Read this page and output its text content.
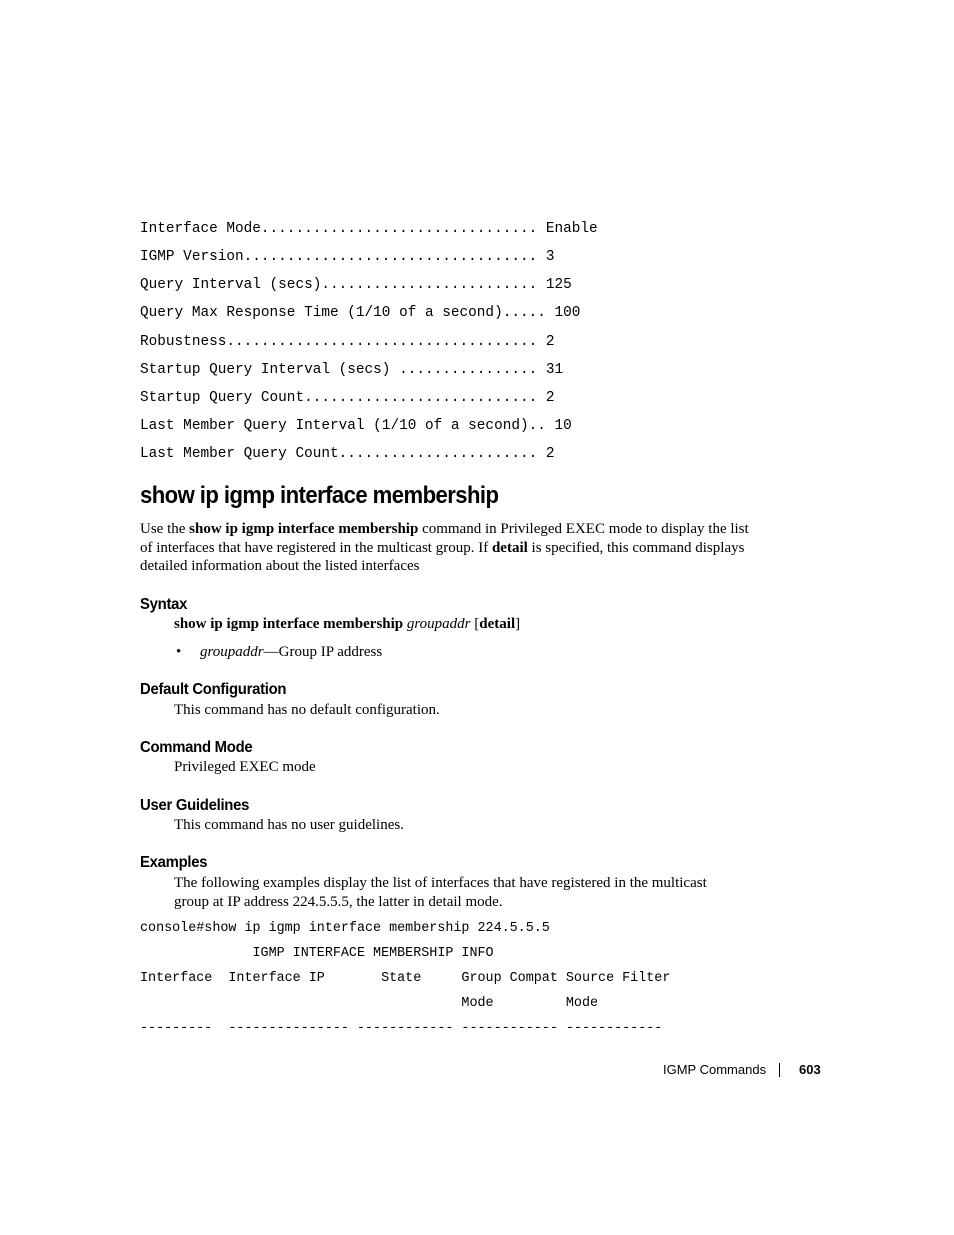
Interface Mode................................ Enable
IGMP Version.................................. 3
Query Interval (secs)......................... 125
Query Max Response Time (1/10 of a second)..... 100
Robustness.................................... 2
Startup Query Interval (secs) ................ 31
Startup Query Count........................... 2
Last Member Query Interval (1/10 of a second).. 10
Last Member Query Count....................... 2
show ip igmp interface membership

Use the show ip igmp interface membership command in Privileged EXEC mode to display the list of interfaces that have registered in the multicast group. If detail is specified, this command displays detailed information about the listed interfaces

Syntax
show ip igmp interface membership groupaddr [detail]
• groupaddr—Group IP address
Default Configuration
This command has no default configuration.
Command Mode
Privileged EXEC mode
User Guidelines
This command has no user guidelines.
Examples

The following examples display the list of interfaces that have registered in the multicast group at IP address 224.5.5.5, the latter in detail mode.

console#show ip igmp interface membership 224.5.5.5
IGMP INTERFACE MEMBERSHIP INFO
Interface  Interface IP       State     Group Compat Source Filter
Mode         Mode
---------  --------------- ------------ ------------ ------------
IGMP Commands	603
